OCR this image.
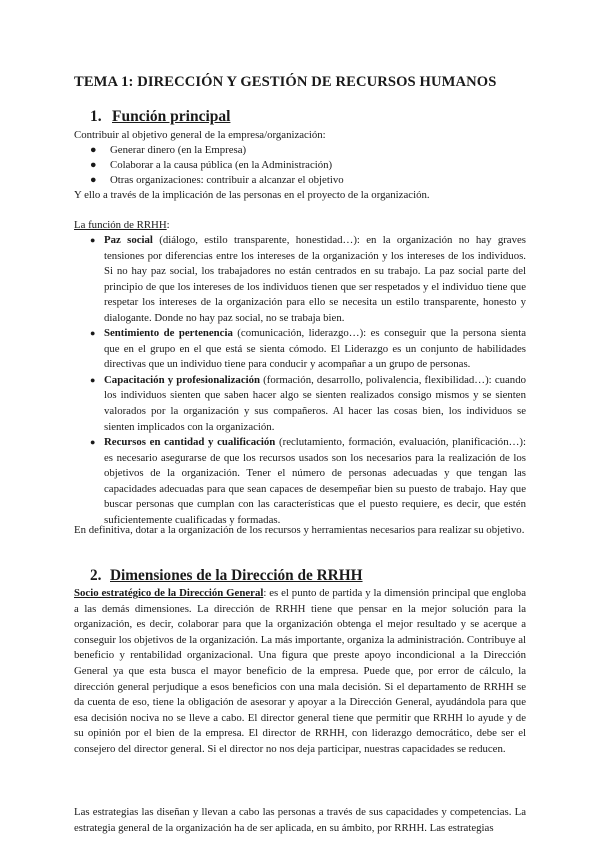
TEMA 1: DIRECCIÓN Y GESTIÓN DE RECURSOS HUMANOS
1. Función principal
Contribuir al objetivo general de la empresa/organización:
● Generar dinero (en la Empresa)
● Colaborar a la causa pública (en la Administración)
● Otras organizaciones: contribuir a alcanzar el objetivo
Y ello a través de la implicación de las personas en el proyecto de la organización.
La función de RRHH:
● Paz social (diálogo, estilo transparente, honestidad…): en la organización no hay graves tensiones por diferencias entre los intereses de la organización y los intereses de los individuos. Si no hay paz social, los trabajadores no están centrados en su trabajo. La paz social parte del principio de que los intereses de los individuos tienen que ser respetados y el individuo tiene que respetar los intereses de la organización para ello se necesita un estilo transparente, honesto y dialogante. Donde no hay paz social, no se trabaja bien.
● Sentimiento de pertenencia (comunicación, liderazgo…): es conseguir que la persona sienta que en el grupo en el que está se sienta cómodo. El Liderazgo es un conjunto de habilidades directivas que un individuo tiene para conducir y acompañar a un grupo de personas.
● Capacitación y profesionalización (formación, desarrollo, polivalencia, flexibilidad…): cuando los individuos sienten que saben hacer algo se sienten realizados consigo mismos y se sienten valorados por la organización y sus compañeros. Al hacer las cosas bien, los individuos se sienten implicados con la organización.
● Recursos en cantidad y cualificación (reclutamiento, formación, evaluación, planificación…): es necesario asegurarse de que los recursos usados son los necesarios para la realización de los objetivos de la organización. Tener el número de personas adecuadas y que tengan las capacidades adecuadas para que sean capaces de desempeñar bien su puesto de trabajo. Hay que buscar personas que cumplan con las características que el puesto requiere, es decir, que estén suficientemente cualificadas y formadas.
En definitiva, dotar a la organización de los recursos y herramientas necesarios para realizar su objetivo.
2. Dimensiones de la Dirección de RRHH
Socio estratégico de la Dirección General: es el punto de partida y la dimensión principal que engloba a las demás dimensiones. La dirección de RRHH tiene que pensar en la mejor solución para la organización, es decir, colaborar para que la organización obtenga el mejor resultado y se acerque a conseguir los objetivos de la organización. La más importante, organiza la administración. Contribuye al beneficio y rentabilidad organizacional. Una figura que preste apoyo incondicional a la Dirección General ya que esta busca el mayor beneficio de la empresa. Puede que, por error de cálculo, la dirección general perjudique a esos beneficios con una mala decisión. Si el departamento de RRHH se da cuenta de eso, tiene la obligación de asesorar y apoyar a la Dirección General, ayudándola para que esa decisión nociva no se lleve a cabo. El director general tiene que permitir que RRHH lo ayude y de su opinión por el bien de la empresa. El director de RRHH, con liderazgo democrático, debe ser el consejero del director general. Si el director no nos deja participar, nuestras capacidades se reducen.
Las estrategias las diseñan y llevan a cabo las personas a través de sus capacidades y competencias. La estrategia general de la organización ha de ser aplicada, en su ámbito, por RRHH. Las estrategias
